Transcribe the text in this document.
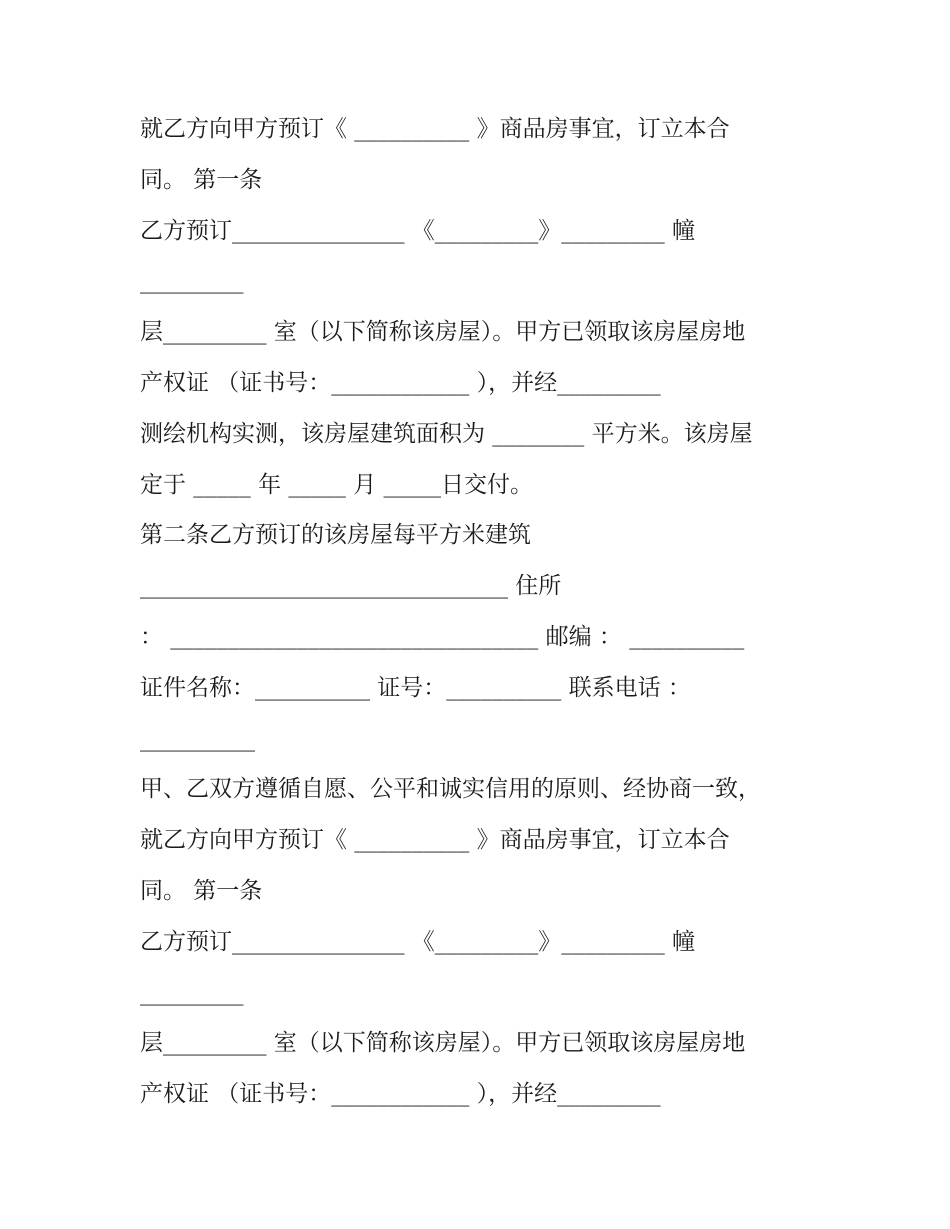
就乙方向甲方预订《 __________ 》商品房事宜，订立本合
同。 第一条
乙方预订_______________ 《_________》_________ 幢
_________
层_________ 室（以下简称该房屋）。甲方已领取该房屋房地
产权证 （证书号：____________ ），并经_________
测绘机构实测，该房屋建筑面积为 ________ 平方米。该房屋
定于 _____ 年 _____ 月 _____日交付。
第二条乙方预订的该房屋每平方米建筑
________________________________ 住所
： ________________________________ 邮编 ： __________
证件名称：__________ 证号：__________ 联系电话 ：
__________
甲、乙双方遵循自愿、公平和诚实信用的原则、经协商一致，
就乙方向甲方预订《 __________ 》商品房事宜，订立本合
同。 第一条
乙方预订_______________ 《_________》_________ 幢
_________
层_________ 室（以下简称该房屋）。甲方已领取该房屋房地
产权证 （证书号：____________ ），并经_________
